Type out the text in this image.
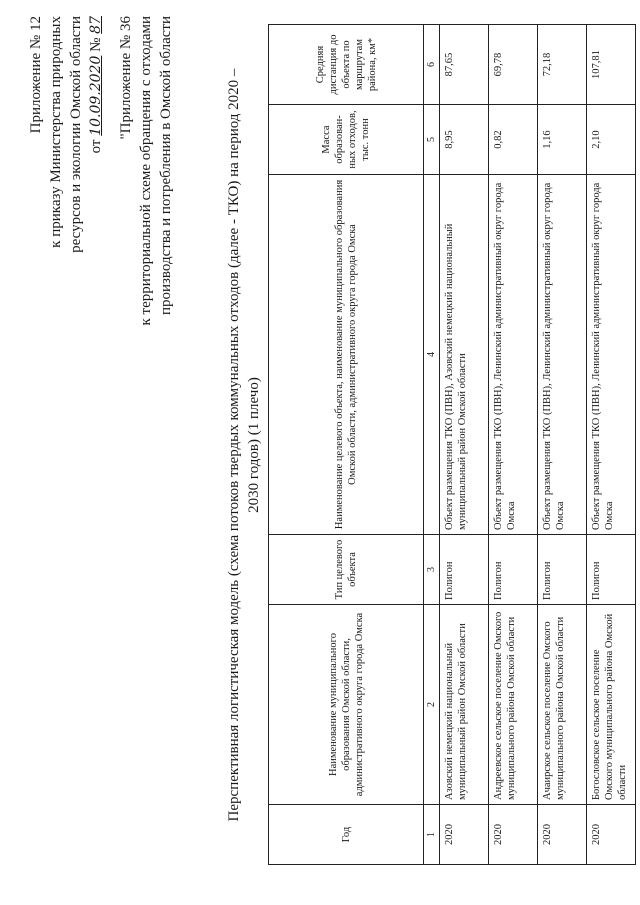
Приложение № 12 к приказу Министерства природных ресурсов и экологии Омской области от 10.09.2020 № 87 "Приложение № 36 к территориальной схеме обращения с отходами производства и потребления в Омской области	Перспективная логистическая модель (схема потоков твердых коммунальных отходов (далее - ТКО) на период 2020 – 2030 годов) (1 плечо)
Год	Наименование муниципального образования Омской области, административного округа города Омска	Тип целевого объекта	Наименование целевого объекта, наименование муниципального образования Омской области, административного округа города Омска	Масса образован-ных отходов, тыс. тонн	Средняя дистанция до объекта по маршрутам района, км*
1	2	3	4	5	6
2020	Азовский немецкий национальный муниципальный район Омской области	Полигон	Объект размещения ТКО (ПВН), Азовский немецкий национальный муниципальный район Омской области	8,95	87,65
2020	Андреевское сельское поселение Омского муниципального района Омской области	Полигон	Объект размещения ТКО (ПВН), Ленинский административный округ города Омска	0,82	69,78
2020	Ачаирское сельское поселение Омского муниципального района Омской области	Полигон	Объект размещения ТКО (ПВН), Ленинский административный округ города Омска	1,16	72,18
2020	Богословское сельское поселение Омского муниципального района Омской области	Полигон	Объект размещения ТКО (ПВН), Ленинский административный округ города Омска	2,10	107,81
